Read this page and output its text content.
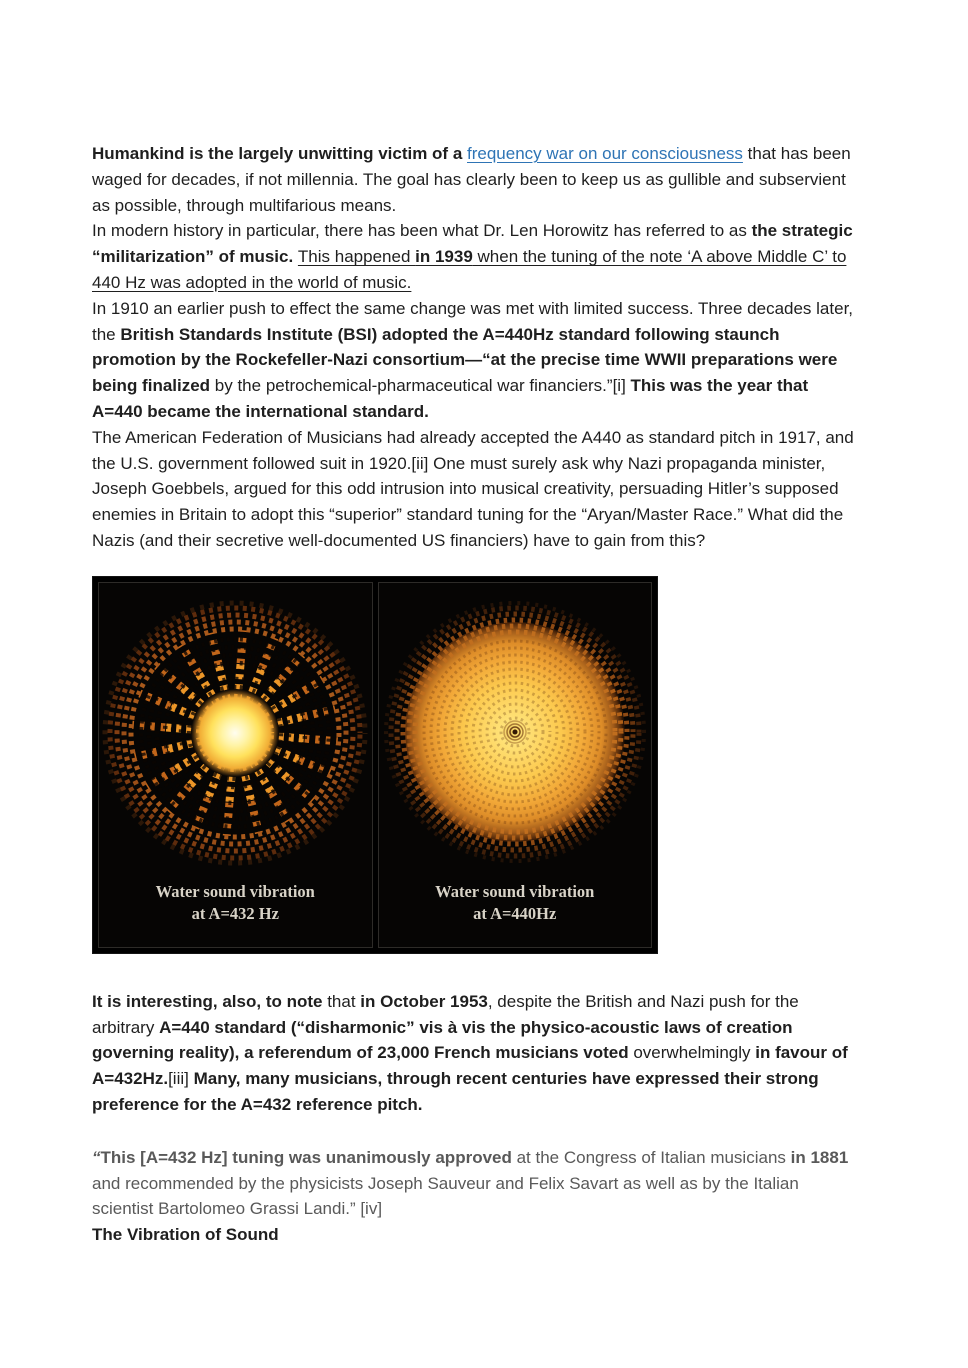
Humankind is the largely unwitting victim of a frequency war on our consciousness that has been waged for decades, if not millennia. The goal has clearly been to keep us as gullible and subservient as possible, through multifarious means.

In modern history in particular, there has been what Dr. Len Horowitz has referred to as the strategic “militarization” of music. This happened in 1939 when the tuning of the note ‘A above Middle C’ to 440 Hz was adopted in the world of music.

In 1910 an earlier push to effect the same change was met with limited success. Three decades later, the British Standards Institute (BSI) adopted the A=440Hz standard following staunch promotion by the Rockefeller-Nazi consortium—“at the precise time WWII preparations were being finalized by the petrochemical-pharmaceutical war financiers.”[i] This was the year that A=440 became the international standard.

The American Federation of Musicians had already accepted the A440 as standard pitch in 1917, and the U.S. government followed suit in 1920.[ii] One must surely ask why Nazi propaganda minister, Joseph Goebbels, argued for this odd intrusion into musical creativity, persuading Hitler’s supposed enemies in Britain to adopt this “superior” standard tuning for the “Aryan/Master Race.” What did the Nazis (and their secretive well-documented US financiers) have to gain from this?

Water sound vibration
at A=432 Hz
Water sound vibration
at A=440Hz

It is interesting, also, to note that in October 1953, despite the British and Nazi push for the arbitrary A=440 standard (“disharmonic” vis à vis the physico-acoustic laws of creation governing reality), a referendum of 23,000 French musicians voted overwhelmingly in favour of A=432Hz.[iii] Many, many musicians, through recent centuries have expressed their strong preference for the A=432 reference pitch.

“This [A=432 Hz] tuning was unanimously approved at the Congress of Italian musicians in 1881 and recommended by the physicists Joseph Sauveur and Felix Savart as well as by the Italian scientist Bartolomeo Grassi Landi.” [iv]

The Vibration of Sound
